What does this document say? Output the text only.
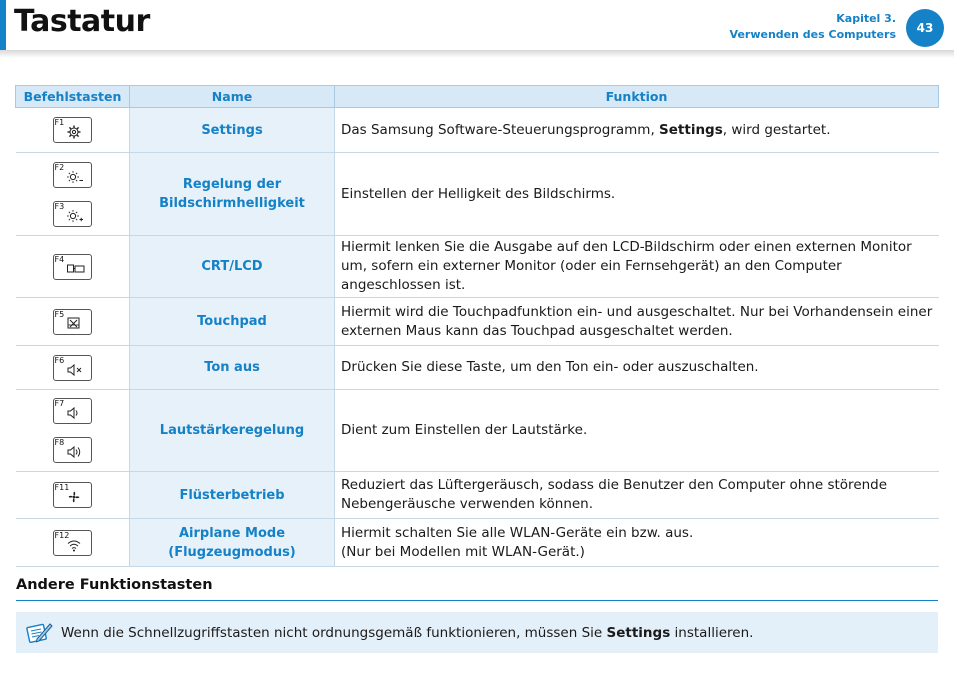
Tastatur	Kapitel 3.
Verwenden des Computers	43
Befehlstasten	Name	Funktion

F1	Settings	Das Samsung Software-Steuerungsprogramm, Settings, wird gestartet.

F2
F3	Regelung der Bildschirmhelligkeit	Einstellen der Helligkeit des Bildschirms.

F4	CRT/LCD	Hiermit lenken Sie die Ausgabe auf den LCD-Bildschirm oder einen externen Monitor um, sofern ein externer Monitor (oder ein Fernsehgerät) an den Computer angeschlossen ist.

F5	Touchpad	Hiermit wird die Touchpadfunktion ein- und ausgeschaltet. Nur bei Vorhandensein einer externen Maus kann das Touchpad ausgeschaltet werden.

F6	Ton aus	Drücken Sie diese Taste, um den Ton ein- oder auszuschalten.

F7
F8	Lautstärkeregelung	Dient zum Einstellen der Lautstärke.

F11	Flüsterbetrieb	Reduziert das Lüftergeräusch, sodass die Benutzer den Computer ohne störende Nebengeräusche verwenden können.

F12	Airplane Mode (Flugzeugmodus)	Hiermit schalten Sie alle WLAN-Geräte ein bzw. aus.
(Nur bei Modellen mit WLAN-Gerät.)
Andere Funktionstasten
Wenn die Schnellzugriffstasten nicht ordnungsgemäß funktionieren, müssen Sie Settings installieren.
